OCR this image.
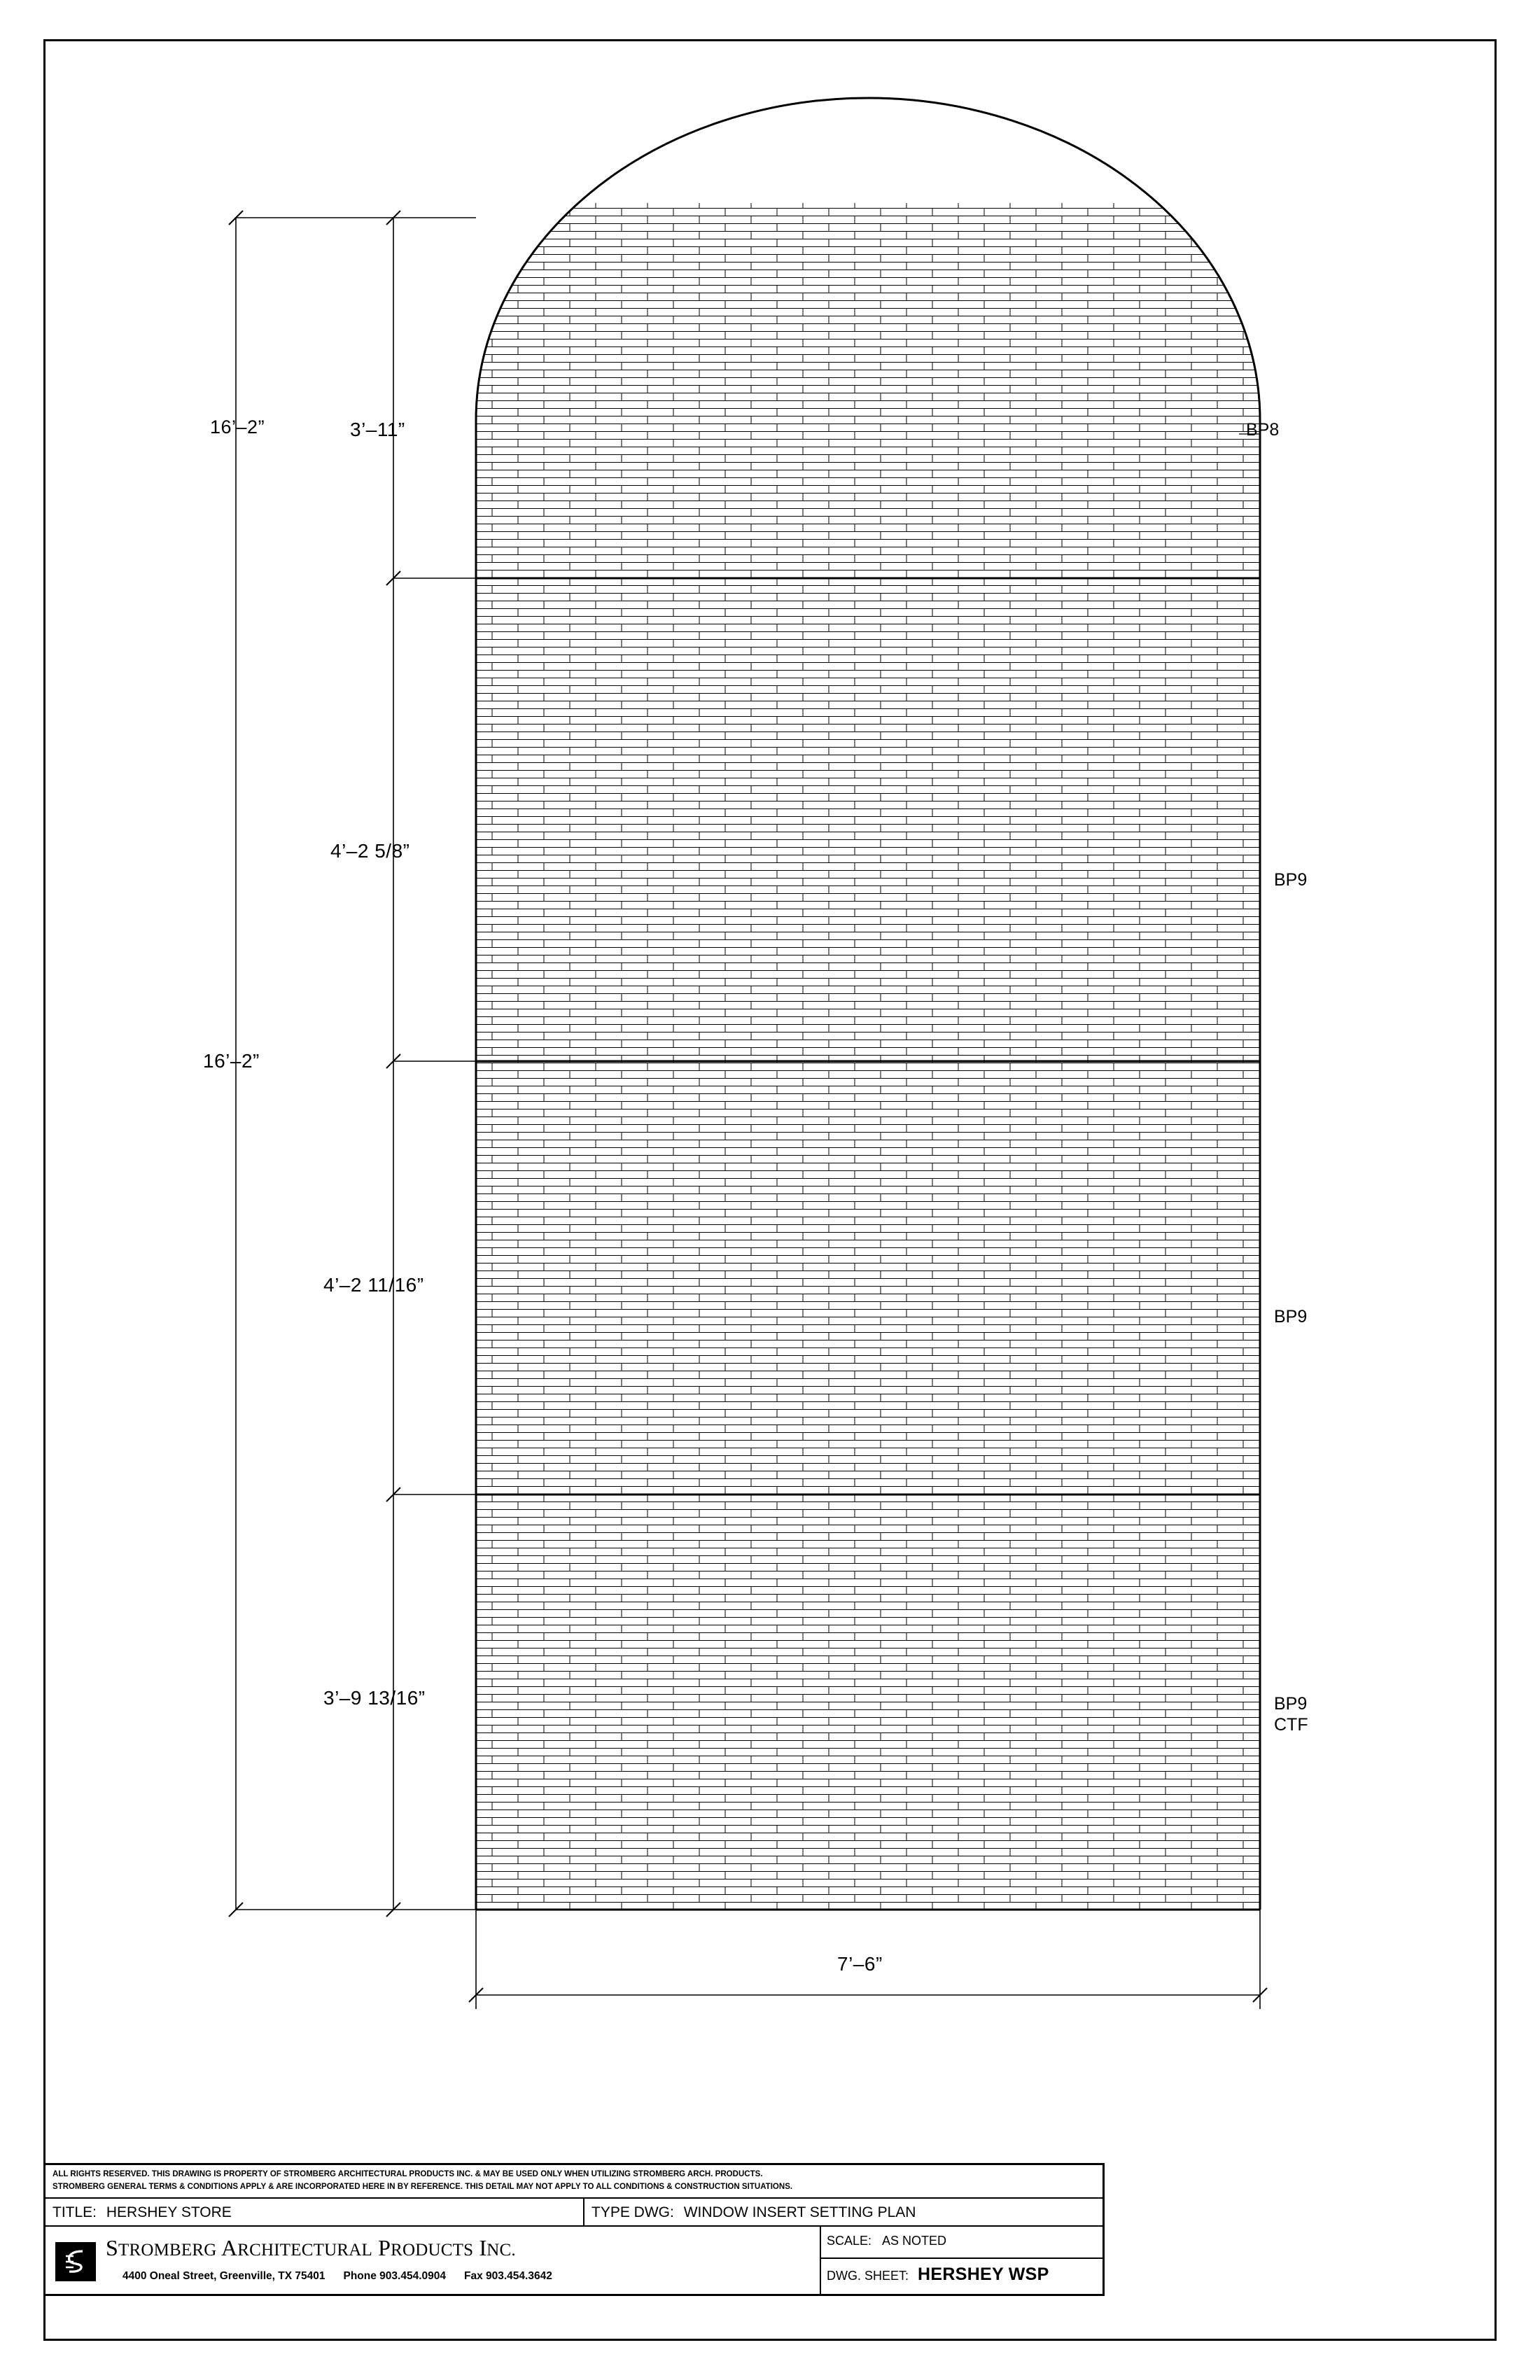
16’–2”
16’–2”
3’–11”
4’–2 5/8”
4’–2 11/16”
3’–9 13/16”
7’–6”
BP8
BP9
BP9
BP9
CTF
ALL RIGHTS RESERVED. THIS DRAWING IS PROPERTY OF STROMBERG ARCHITECTURAL PRODUCTS INC. & MAY BE USED ONLY WHEN UTILIZING STROMBERG ARCH. PRODUCTS.
STROMBERG GENERAL TERMS & CONDITIONS APPLY & ARE INCORPORATED HERE IN BY REFERENCE. THIS DETAIL MAY NOT APPLY TO ALL CONDITIONS & CONSTRUCTION SITUATIONS.
TITLE: HERSHEY STORE	TYPE DWG: WINDOW INSERT SETTING PLAN
STROMBERG ARCHITECTURAL PRODUCTS INC.
4400 Oneal Street, Greenville, TX 75401 Phone 903.454.0904 Fax 903.454.3642
SCALE: AS NOTED
DWG. SHEET: HERSHEY WSP
